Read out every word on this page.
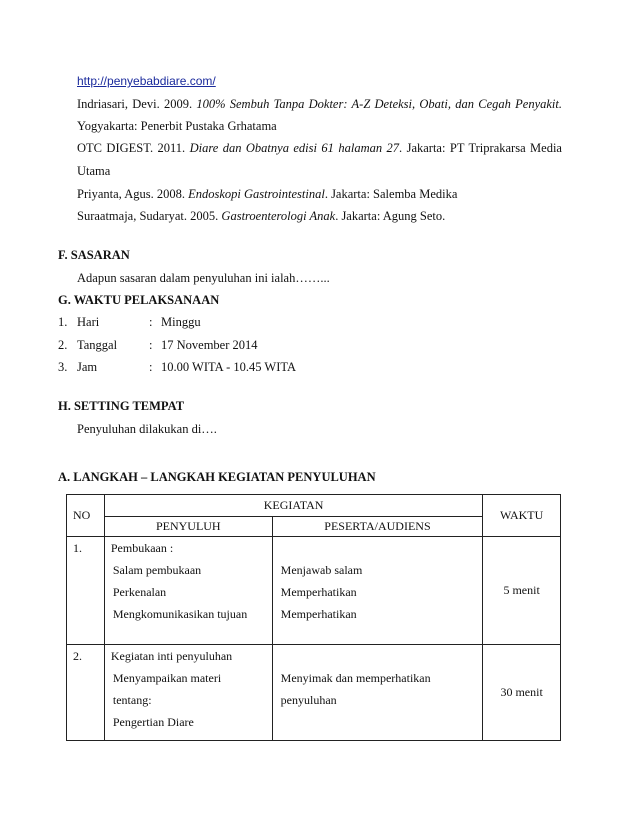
http://penyebabdiare.com/
Indriasari, Devi. 2009. 100% Sembuh Tanpa Dokter: A-Z Deteksi, Obati, dan Cegah Penyakit.
Yogyakarta: Penerbit Pustaka Grhatama
OTC DIGEST. 2011. Diare dan Obatnya edisi 61 halaman 27. Jakarta: PT Triprakarsa Media
Utama
Priyanta, Agus. 2008. Endoskopi Gastrointestinal. Jakarta: Salemba Medika
Suraatmaja, Sudaryat. 2005. Gastroenterologi Anak. Jakarta: Agung Seto.
F. SASARAN
Adapun sasaran dalam penyuluhan ini ialah……...
G. WAKTU PELAKSANAAN
1. Hari	: Minggu
2. Tanggal	: 17 November 2014
3. Jam	: 10.00 WITA - 10.45 WITA
H. SETTING TEMPAT
Penyuluhan dilakukan di….
A. LANGKAH – LANGKAH KEGIATAN PENYULUHAN
NO	KEGIATAN		WAKTU
	PENYULUH	PESERTA/AUDIENS	

1.	Pembukaan :
Salam pembukaan
Perkenalan
Mengkomunikasikan tujuan	Menjawab salam
Memperhatikan
Memperhatikan	5 menit

2.	Kegiatan inti penyuluhan
Menyampaikan materi
tentang:
Pengertian Diare	Menyimak dan memperhatikan
penyuluhan	30 menit
